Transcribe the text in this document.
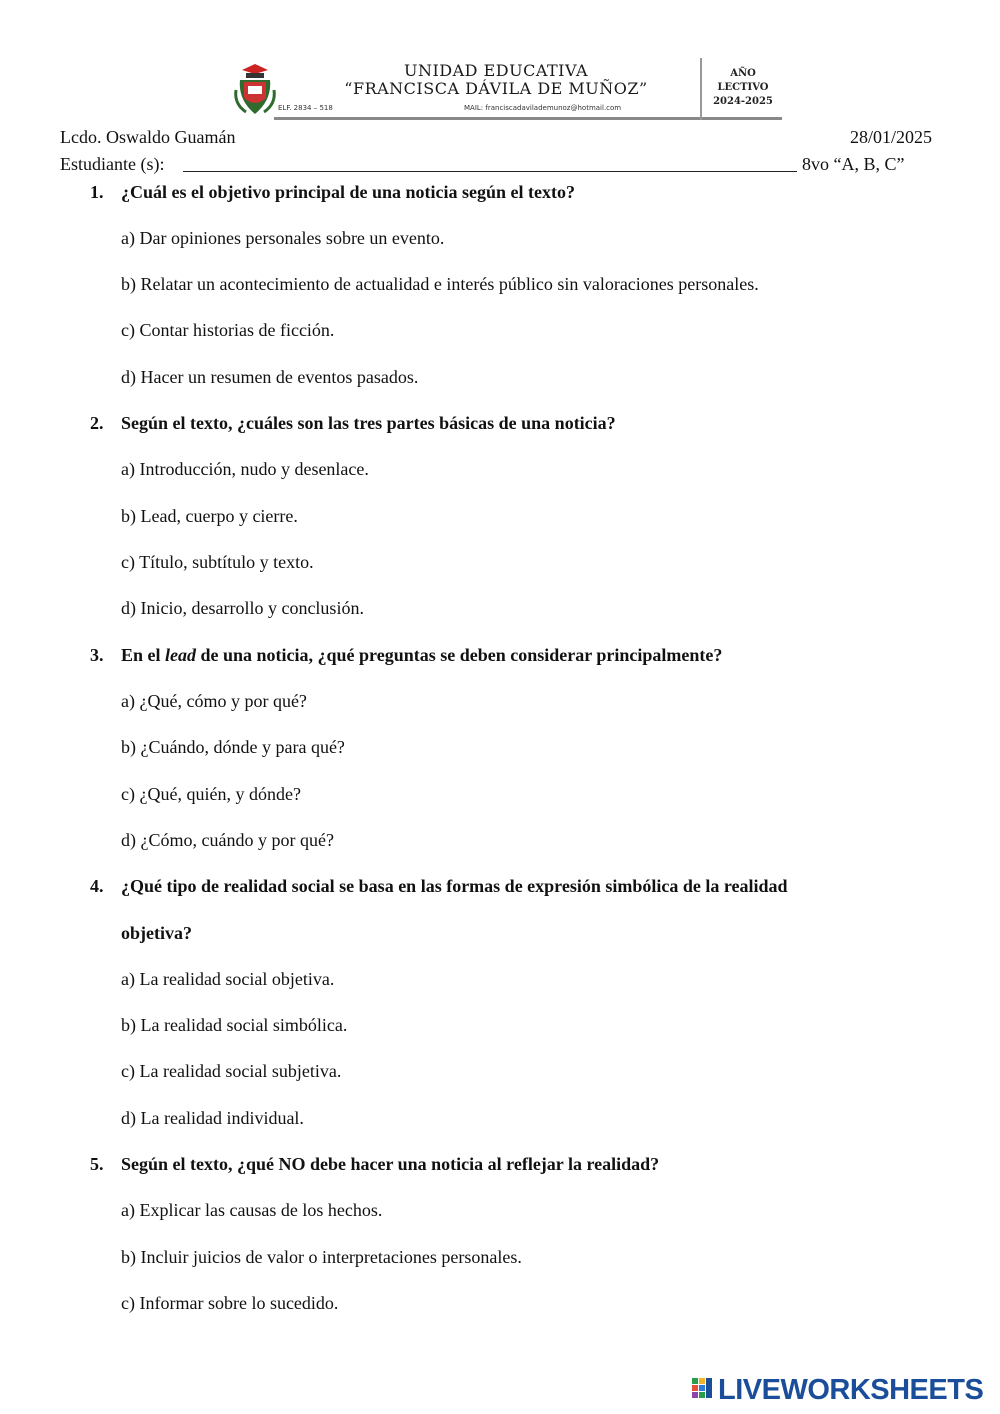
UNIDAD EDUCATIVA
“FRANCISCA DÁVILA DE MUÑOZ”
ELF. 2834 – 518	MAIL: franciscadavilademunoz@hotmail.com
AÑO
LECTIVO
2024-2025
Lcdo. Oswaldo Guamán	28/01/2025
Estudiante (s):	8vo “A, B, C”
1. ¿Cuál es el objetivo principal de una noticia según el texto?
a) Dar opiniones personales sobre un evento.
b) Relatar un acontecimiento de actualidad e interés público sin valoraciones personales.
c) Contar historias de ficción.
d) Hacer un resumen de eventos pasados.
2. Según el texto, ¿cuáles son las tres partes básicas de una noticia?
a) Introducción, nudo y desenlace.
b) Lead, cuerpo y cierre.
c) Título, subtítulo y texto.
d) Inicio, desarrollo y conclusión.
3. En el lead de una noticia, ¿qué preguntas se deben considerar principalmente?
a) ¿Qué, cómo y por qué?
b) ¿Cuándo, dónde y para qué?
c) ¿Qué, quién, y dónde?
d) ¿Cómo, cuándo y por qué?
4. ¿Qué tipo de realidad social se basa en las formas de expresión simbólica de la realidad
objetiva?
a) La realidad social objetiva.
b) La realidad social simbólica.
c) La realidad social subjetiva.
d) La realidad individual.
5. Según el texto, ¿qué NO debe hacer una noticia al reflejar la realidad?
a) Explicar las causas de los hechos.
b) Incluir juicios de valor o interpretaciones personales.
c) Informar sobre lo sucedido.
LIVEWORKSHEETS
